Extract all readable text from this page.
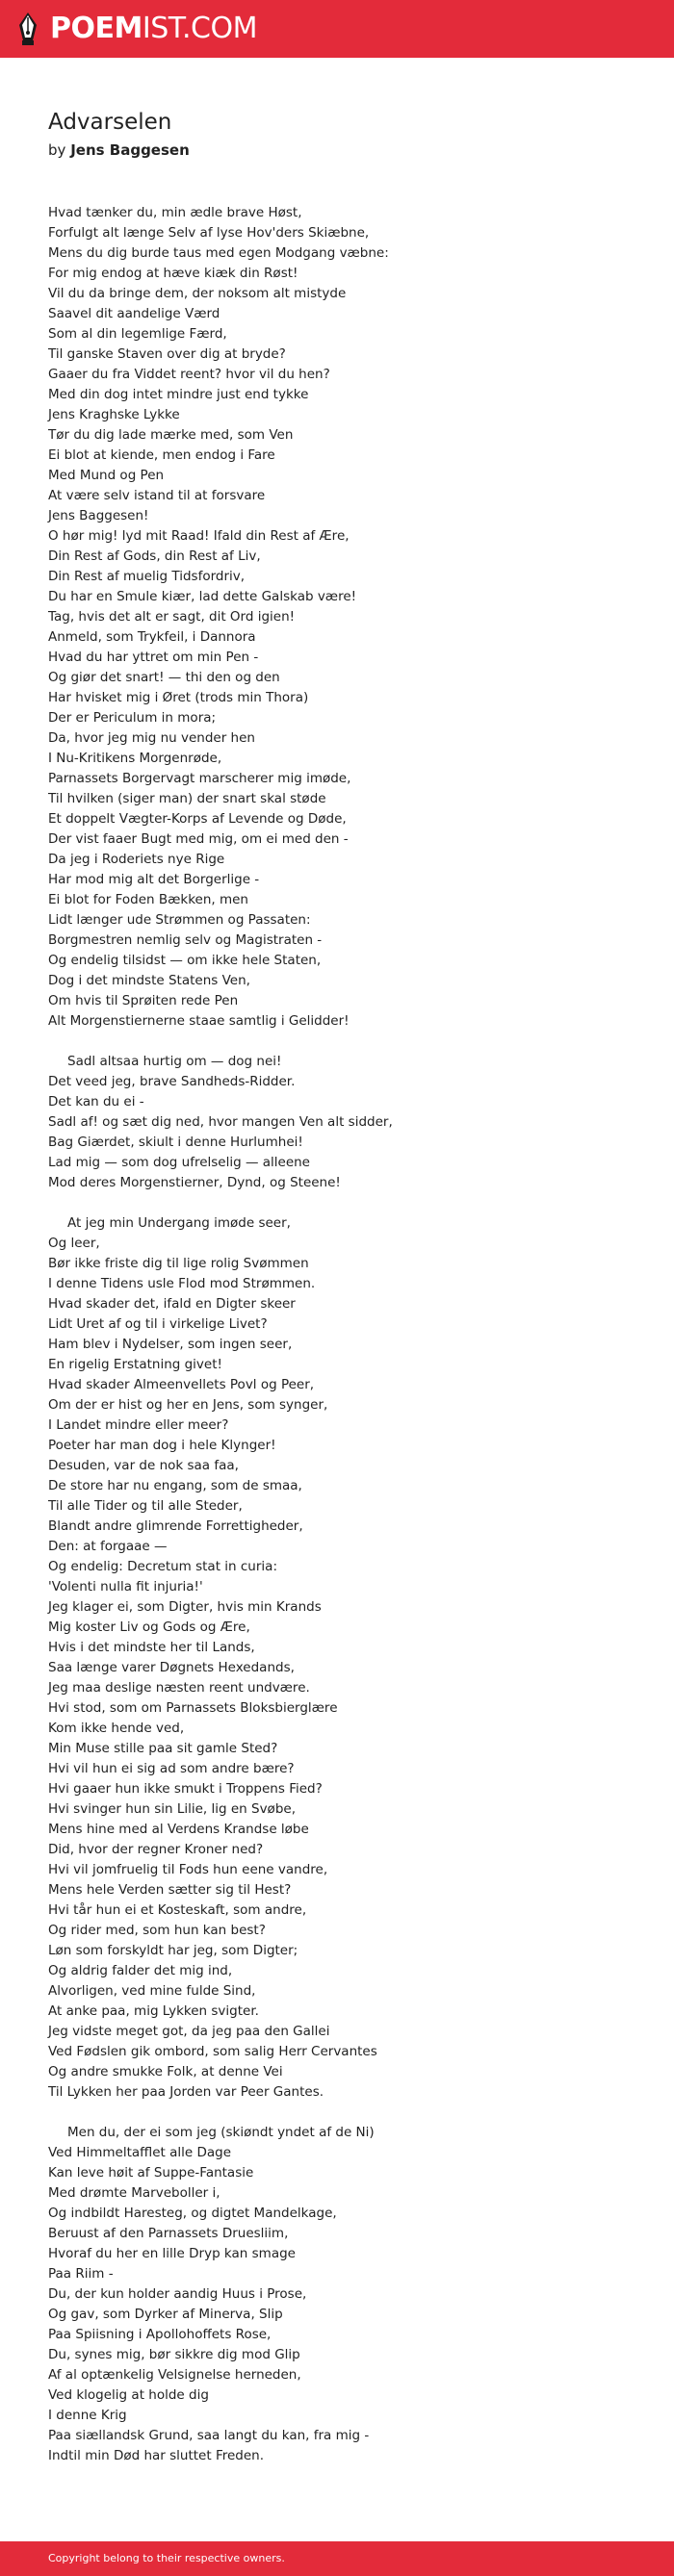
POEMIST.COM
Advarselen
by Jens Baggesen
Hvad tænker du, min ædle brave Høst,
Forfulgt alt længe Selv af lyse Hov'ders Skiæbne,
Mens du dig burde taus med egen Modgang væbne:
For mig endog at hæve kiæk din Røst!
Vil du da bringe dem, der noksom alt mistyde
Saavel dit aandelige Værd
Som al din legemlige Færd,
Til ganske Staven over dig at bryde?
Gaaer du fra Viddet reent? hvor vil du hen?
Med din dog intet mindre just end tykke
Jens Kraghske Lykke
Tør du dig lade mærke med, som Ven
Ei blot at kiende, men endog i Fare
Med Mund og Pen
At være selv istand til at forsvare
Jens Baggesen!
O hør mig! lyd mit Raad! Ifald din Rest af Ære,
Din Rest af Gods, din Rest af Liv,
Din Rest af muelig Tidsfordriv,
Du har en Smule kiær, lad dette Galskab være!
Tag, hvis det alt er sagt, dit Ord igien!
Anmeld, som Trykfeil, i Dannora
Hvad du har yttret om min Pen -
Og giør det snart! — thi den og den
Har hvisket mig i Øret (trods min Thora)
Der er Periculum in mora;
Da, hvor jeg mig nu vender hen
I Nu-Kritikens Morgenrøde,
Parnassets Borgervagt marscherer mig imøde,
Til hvilken (siger man) der snart skal støde
Et doppelt Vægter-Korps af Levende og Døde,
Der vist faaer Bugt med mig, om ei med den -
Da jeg i Roderiets nye Rige
Har mod mig alt det Borgerlige -
Ei blot for Foden Bækken, men
Lidt længer ude Strømmen og Passaten:
Borgmestren nemlig selv og Magistraten -
Og endelig tilsidst — om ikke hele Staten,
Dog i det mindste Statens Ven,
Om hvis til Sprøiten rede Pen
Alt Morgenstiernerne staae samtlig i Gelidder!
Sadl altsaa hurtig om — dog nei!
Det veed jeg, brave Sandheds-Ridder.
Det kan du ei -
Sadl af! og sæt dig ned, hvor mangen Ven alt sidder,
Bag Giærdet, skiult i denne Hurlumhei!
Lad mig — som dog ufrelselig — alleene
Mod deres Morgenstierner, Dynd, og Steene!
At jeg min Undergang imøde seer,
Og leer,
Bør ikke friste dig til lige rolig Svømmen
I denne Tidens usle Flod mod Strømmen.
Hvad skader det, ifald en Digter skeer
Lidt Uret af og til i virkelige Livet?
Ham blev i Nydelser, som ingen seer,
En rigelig Erstatning givet!
Hvad skader Almeenvellets Povl og Peer,
Om der er hist og her en Jens, som synger,
I Landet mindre eller meer?
Poeter har man dog i hele Klynger!
Desuden, var de nok saa faa,
De store har nu engang, som de smaa,
Til alle Tider og til alle Steder,
Blandt andre glimrende Forrettigheder,
Den: at forgaae —
Og endelig: Decretum stat in curia:
'Volenti nulla fit injuria!'
Jeg klager ei, som Digter, hvis min Krands
Mig koster Liv og Gods og Ære,
Hvis i det mindste her til Lands,
Saa længe varer Døgnets Hexedands,
Jeg maa deslige næsten reent undvære.
Hvi stod, som om Parnassets Bloksbierglære
Kom ikke hende ved,
Min Muse stille paa sit gamle Sted?
Hvi vil hun ei sig ad som andre bære?
Hvi gaaer hun ikke smukt i Troppens Fied?
Hvi svinger hun sin Lilie, lig en Svøbe,
Mens hine med al Verdens Krandse løbe
Did, hvor der regner Kroner ned?
Hvi vil jomfruelig til Fods hun eene vandre,
Mens hele Verden sætter sig til Hest?
Hvi tår hun ei et Kosteskaft, som andre,
Og rider med, som hun kan best?
Løn som forskyldt har jeg, som Digter;
Og aldrig falder det mig ind,
Alvorligen, ved mine fulde Sind,
At anke paa, mig Lykken svigter.
Jeg vidste meget got, da jeg paa den Gallei
Ved Fødslen gik ombord, som salig Herr Cervantes
Og andre smukke Folk, at denne Vei
Til Lykken her paa Jorden var Peer Gantes.
Men du, der ei som jeg (skiøndt yndet af de Ni)
Ved Himmeltafflet alle Dage
Kan leve høit af Suppe-Fantasie
Med drømte Marveboller i,
Og indbildt Haresteg, og digtet Mandelkage,
Beruust af den Parnassets Druesliim,
Hvoraf du her en lille Dryp kan smage
Paa Riim -
Du, der kun holder aandig Huus i Prose,
Og gav, som Dyrker af Minerva, Slip
Paa Spiisning i Apollohoffets Rose,
Du, synes mig, bør sikkre dig mod Glip
Af al optænkelig Velsignelse herneden,
Ved klogelig at holde dig
I denne Krig
Paa siællandsk Grund, saa langt du kan, fra mig -
Indtil min Død har sluttet Freden.
Copyright belong to their respective owners.
